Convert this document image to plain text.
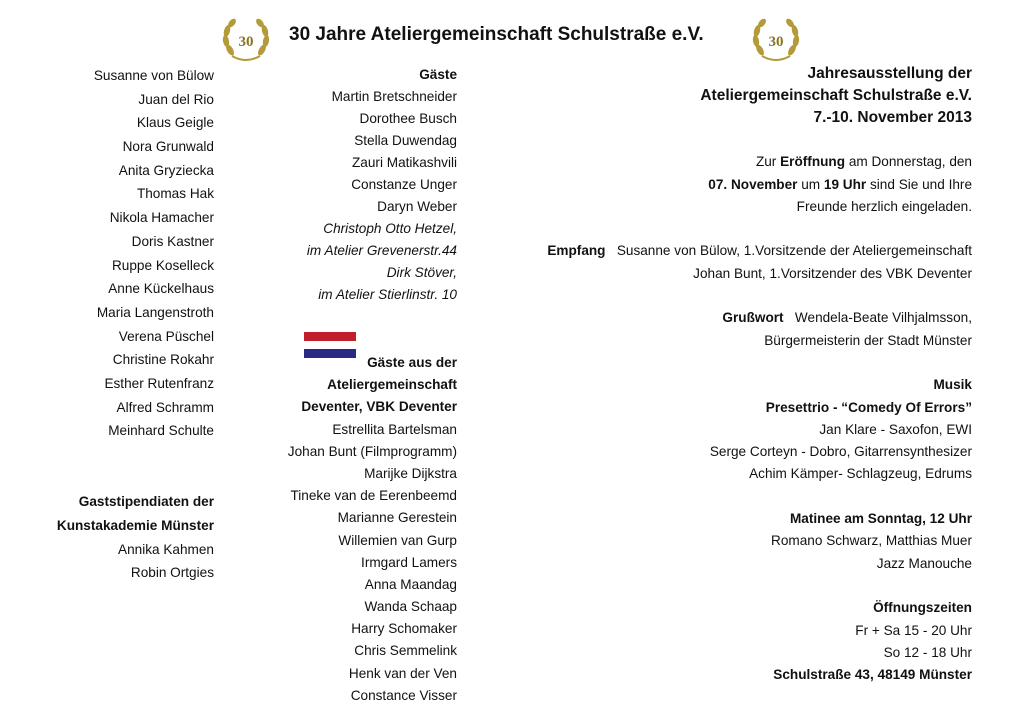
30 30 Jahre Ateliergemeinschaft Schulstraße e.V.	30
Susanne von Bülow
Juan del Rio
Klaus Geigle
Nora Grunwald
Anita Gryziecka
Thomas Hak
Nikola Hamacher
Doris Kastner
Ruppe Koselleck
Anne Kückelhaus
Maria Langenstroth
Verena Püschel
Christine Rokahr
Esther Rutenfranz
Alfred Schramm
Meinhard Schulte
Gaststipendiaten der
Kunstakademie Münster
Annika Kahmen
Robin Ortgies
Gäste
Martin Bretschneider
Dorothee Busch
Stella Duwendag
Zauri Matikashvili
Constanze Unger
Daryn Weber
Christoph Otto Hetzel,
im Atelier Grevenerstr.44
Dirk Stöver,
im Atelier Stierlinstr. 10
Gäste aus der
Ateliergemeinschaft
Deventer, VBK Deventer
Estrellita Bartelsman
Johan Bunt (Filmprogramm)
Marijke Dijkstra
Tineke van de Eerenbeemd
Marianne Gerestein
Willemien van Gurp
Irmgard Lamers
Anna Maandag
Wanda Schaap
Harry Schomaker
Chris Semmelink
Henk van der Ven
Constance Visser
Jahresausstellung der
Ateliergemeinschaft Schulstraße e.V.
7.-10. November 2013
Zur Eröffnung am Donnerstag, den
07. November um 19 Uhr sind Sie und Ihre
Freunde herzlich eingeladen.
Empfang Susanne von Bülow, 1.Vorsitzende der Ateliergemeinschaft
Johan Bunt, 1.Vorsitzender des VBK Deventer
Grußwort Wendela-Beate Vilhjalmsson,
Bürgermeisterin der Stadt Münster
Musik
Presettrio - “Comedy Of Errors”
Jan Klare - Saxofon, EWI
Serge Corteyn - Dobro, Gitarrensynthesizer
Achim Kämper- Schlagzeug, Edrums
Matinee am Sonntag, 12 Uhr
Romano Schwarz, Matthias Muer
Jazz Manouche
Öffnungszeiten
Fr + Sa 15 - 20 Uhr
So 12 - 18 Uhr
Schulstraße 43, 48149 Münster
